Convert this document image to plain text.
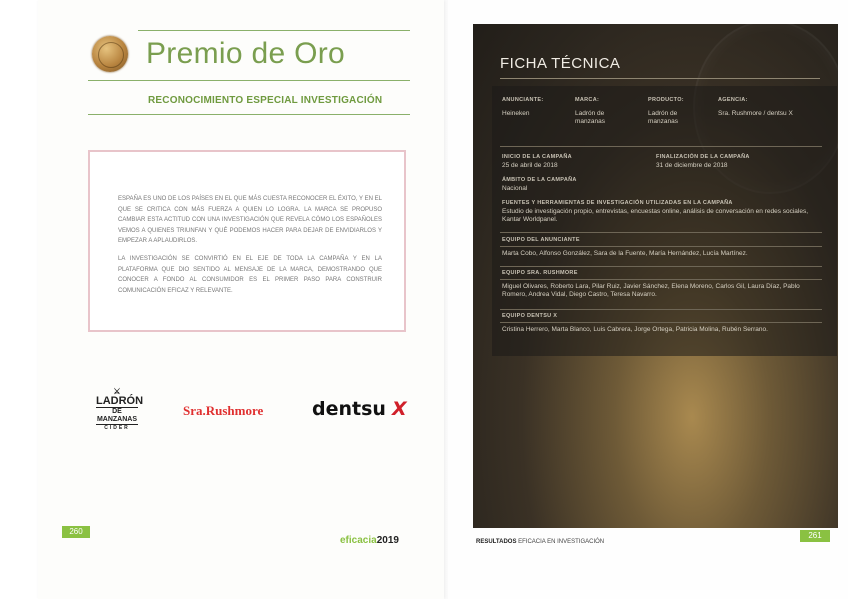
Premio de Oro
RECONOCIMIENTO ESPECIAL INVESTIGACIÓN
ESPAÑA ES UNO DE LOS PAÍSES EN EL QUE MÁS CUESTA RECONOCER EL ÉXITO, Y EN EL QUE SE CRITICA CON MÁS FUERZA A QUIEN LO LOGRA. LA MARCA SE PROPUSO CAMBIAR ESTA ACTITUD CON UNA INVESTIGACIÓN QUE REVELA CÓMO LOS ESPAÑOLES VEMOS A QUIENES TRIUNFAN Y QUÉ PODEMOS HACER PARA DEJAR DE ENVIDIARLOS Y EMPEZAR A APLAUDIRLOS.
LA INVESTIGACIÓN SE CONVIRTIÓ EN EL EJE DE TODA LA CAMPAÑA Y EN LA PLATAFORMA QUE DIO SENTIDO AL MENSAJE DE LA MARCA, DEMOSTRANDO QUE CONOCER A FONDO AL CONSUMIDOR ES EL PRIMER PASO PARA CONSTRUIR COMUNICACIÓN EFICAZ Y RELEVANTE.
⚔
LADRÓN
DE MANZANAS
CIDER
Sra.Rushmore	dentsu X
260
eficacia2019
FICHA TÉCNICA
ANUNCIANTE:
Heineken
MARCA:
Ladrón de manzanas
PRODUCTO:
Ladrón de manzanas
AGENCIA:
Sra. Rushmore / dentsu X
INICIO DE LA CAMPAÑA
25 de abril de 2018
FINALIZACIÓN DE LA CAMPAÑA
31 de diciembre de 2018
ÁMBITO DE LA CAMPAÑA
Nacional
FUENTES Y HERRAMIENTAS DE INVESTIGACIÓN UTILIZADAS EN LA CAMPAÑA
Estudio de investigación propio, entrevistas, encuestas online, análisis de conversación en redes sociales, Kantar Worldpanel.
EQUIPO DEL ANUNCIANTE
Marta Cobo, Alfonso González, Sara de la Fuente, María Hernández, Lucía Martínez.
EQUIPO SRA. RUSHMORE
Miguel Olivares, Roberto Lara, Pilar Ruiz, Javier Sánchez, Elena Moreno, Carlos Gil, Laura Díaz, Pablo Romero, Andrea Vidal, Diego Castro, Teresa Navarro.
EQUIPO DENTSU X
Cristina Herrero, Marta Blanco, Luis Cabrera, Jorge Ortega, Patricia Molina, Rubén Serrano.
RESULTADOS EFICACIA EN INVESTIGACIÓN
261
